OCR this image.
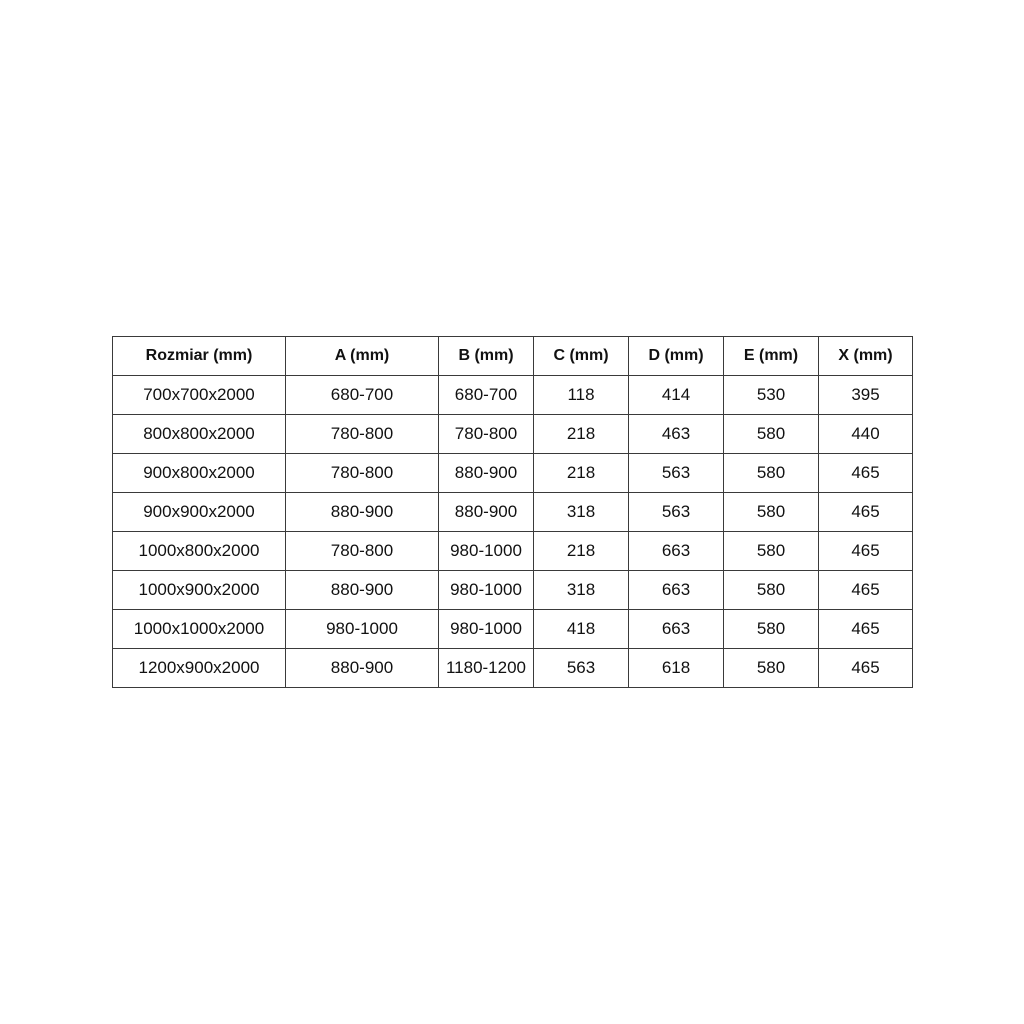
Rozmiar (mm)	A (mm)	B (mm)	C (mm)	D (mm)	E (mm)	X (mm)
700x700x2000	680-700	680-700	118	414	530	395
800x800x2000	780-800	780-800	218	463	580	440
900x800x2000	780-800	880-900	218	563	580	465
900x900x2000	880-900	880-900	318	563	580	465
1000x800x2000	780-800	980-1000	218	663	580	465
1000x900x2000	880-900	980-1000	318	663	580	465
1000x1000x2000	980-1000	980-1000	418	663	580	465
1200x900x2000	880-900	1180-1200	563	618	580	465
